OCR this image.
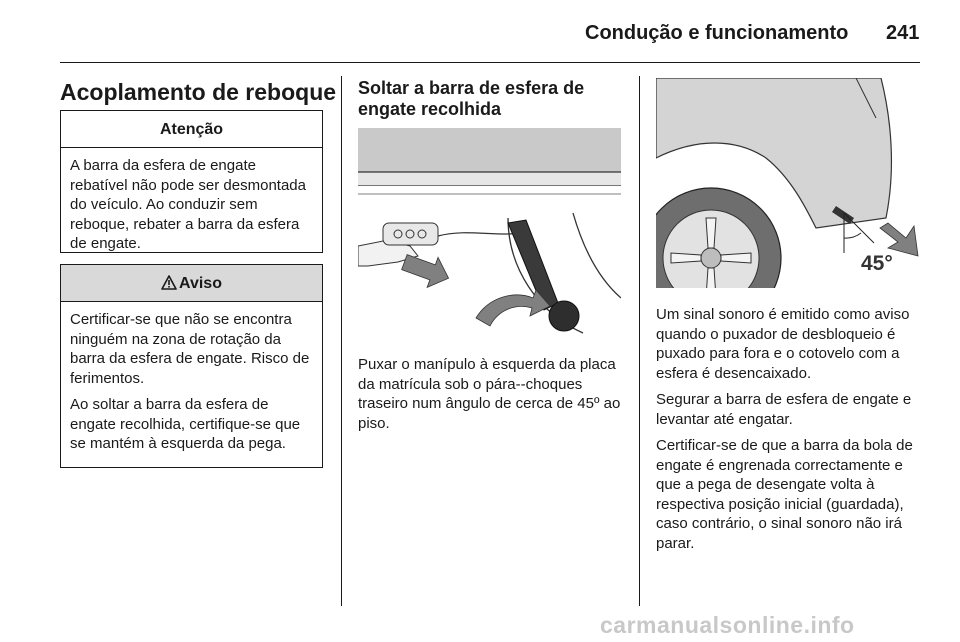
Condução e funcionamento 241
Acoplamento de reboque
Atenção
A barra da esfera de engate rebatível não pode ser desmontada do veículo. Ao conduzir sem reboque, rebater a barra da esfera de engate.
Aviso

Certificar-se que não se encontra ninguém na zona de rotação da barra da esfera de engate. Risco de ferimentos.

Ao soltar a barra da esfera de engate recolhida, certifique-se que se mantém à esquerda da pega.

Soltar a barra de esfera de engate recolhida
Puxar o manípulo à esquerda da placa da matrícula sob o pára--choques traseiro num ângulo de cerca de 45º ao piso.
45°

Um sinal sonoro é emitido como aviso quando o puxador de desbloqueio é puxado para fora e o cotovelo com a esfera é desencaixado.

Segurar a barra de esfera de engate e levantar até engatar.

Certificar-se de que a barra da bola de engate é engrenada correctamente e que a pega de desengate volta à respectiva posição inicial (guardada), caso contrário, o sinal sonoro não irá parar.

carmanualsonline.info
